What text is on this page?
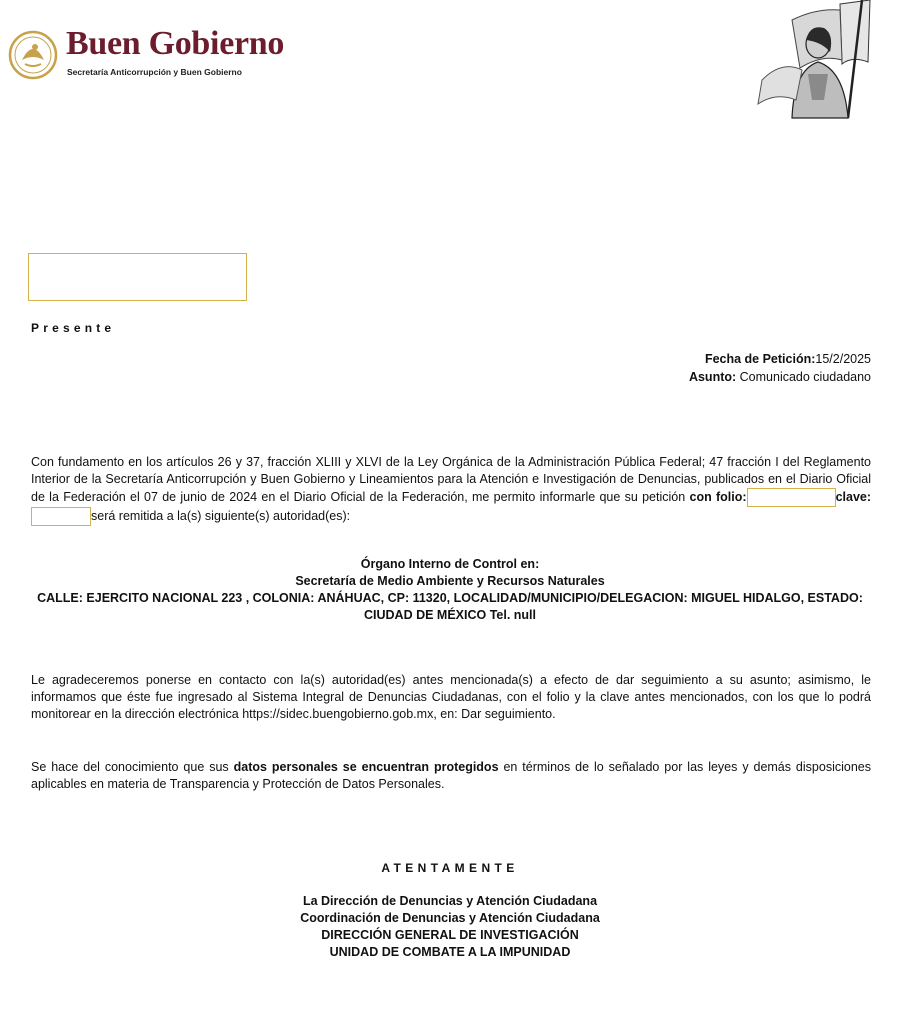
Buen Gobierno
Secretaría Anticorrupción y Buen Gobierno
Presente
Fecha de Petición:15/2/2025
Asunto: Comunicado ciudadano
Con fundamento en los artículos 26 y 37, fracción XLIII y XLVI de la Ley Orgánica de la Administración Pública Federal; 47 fracción I del Reglamento Interior de la Secretaría Anticorrupción y Buen Gobierno y Lineamientos para la Atención e Investigación de Denuncias, publicados en el Diario Oficial de la Federación el 07 de junio de 2024 en el Diario Oficial de la Federación, me permito informarle que su petición con folio:	clave: será remitida a la(s) siguiente(s) autoridad(es):
Órgano Interno de Control en:
Secretaría de Medio Ambiente y Recursos Naturales
CALLE: EJERCITO NACIONAL 223 , COLONIA: ANÁHUAC, CP: 11320, LOCALIDAD/MUNICIPIO/DELEGACION: MIGUEL HIDALGO, ESTADO: CIUDAD DE MÉXICO Tel. null
Le agradeceremos ponerse en contacto con la(s) autoridad(es) antes mencionada(s) a efecto de dar seguimiento a su asunto; asimismo, le informamos que éste fue ingresado al Sistema Integral de Denuncias Ciudadanas, con el folio y la clave antes mencionados, con los que lo podrá monitorear en la dirección electrónica https://sidec.buengobierno.gob.mx, en: Dar seguimiento.
Se hace del conocimiento que sus datos personales se encuentran protegidos en términos de lo señalado por las leyes y demás disposiciones aplicables en materia de Transparencia y Protección de Datos Personales.
ATENTAMENTE
La Dirección de Denuncias y Atención Ciudadana
Coordinación de Denuncias y Atención Ciudadana
DIRECCIÓN GENERAL DE INVESTIGACIÓN
UNIDAD DE COMBATE A LA IMPUNIDAD
